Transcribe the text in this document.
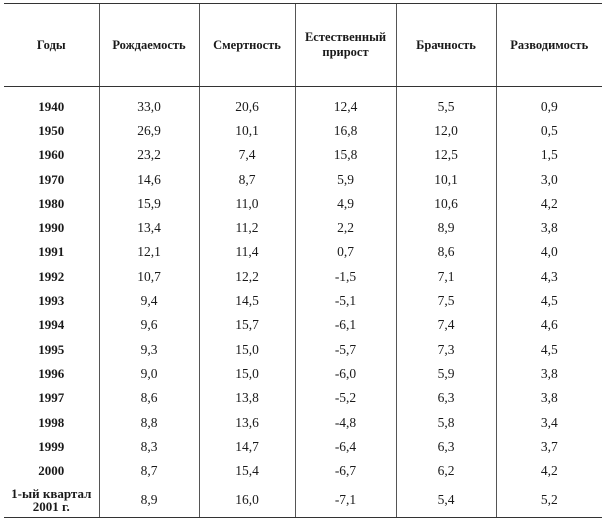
Годы	Рождаемость	Смертность	Естественный прирост	Брачность	Разводимость

1940	33,0	20,6	12,4	5,5	0,9
1950	26,9	10,1	16,8	12,0	0,5
1960	23,2	7,4	15,8	12,5	1,5
1970	14,6	8,7	5,9	10,1	3,0
1980	15,9	11,0	4,9	10,6	4,2
1990	13,4	11,2	2,2	8,9	3,8
1991	12,1	11,4	0,7	8,6	4,0
1992	10,7	12,2	-1,5	7,1	4,3
1993	9,4	14,5	-5,1	7,5	4,5
1994	9,6	15,7	-6,1	7,4	4,6
1995	9,3	15,0	-5,7	7,3	4,5
1996	9,0	15,0	-6,0	5,9	3,8
1997	8,6	13,8	-5,2	6,3	3,8
1998	8,8	13,6	-4,8	5,8	3,4
1999	8,3	14,7	-6,4	6,3	3,7
2000	8,7	15,4	-6,7	6,2	4,2
1-ый квартал 2001 г.	8,9	16,0	-7,1	5,4	5,2
